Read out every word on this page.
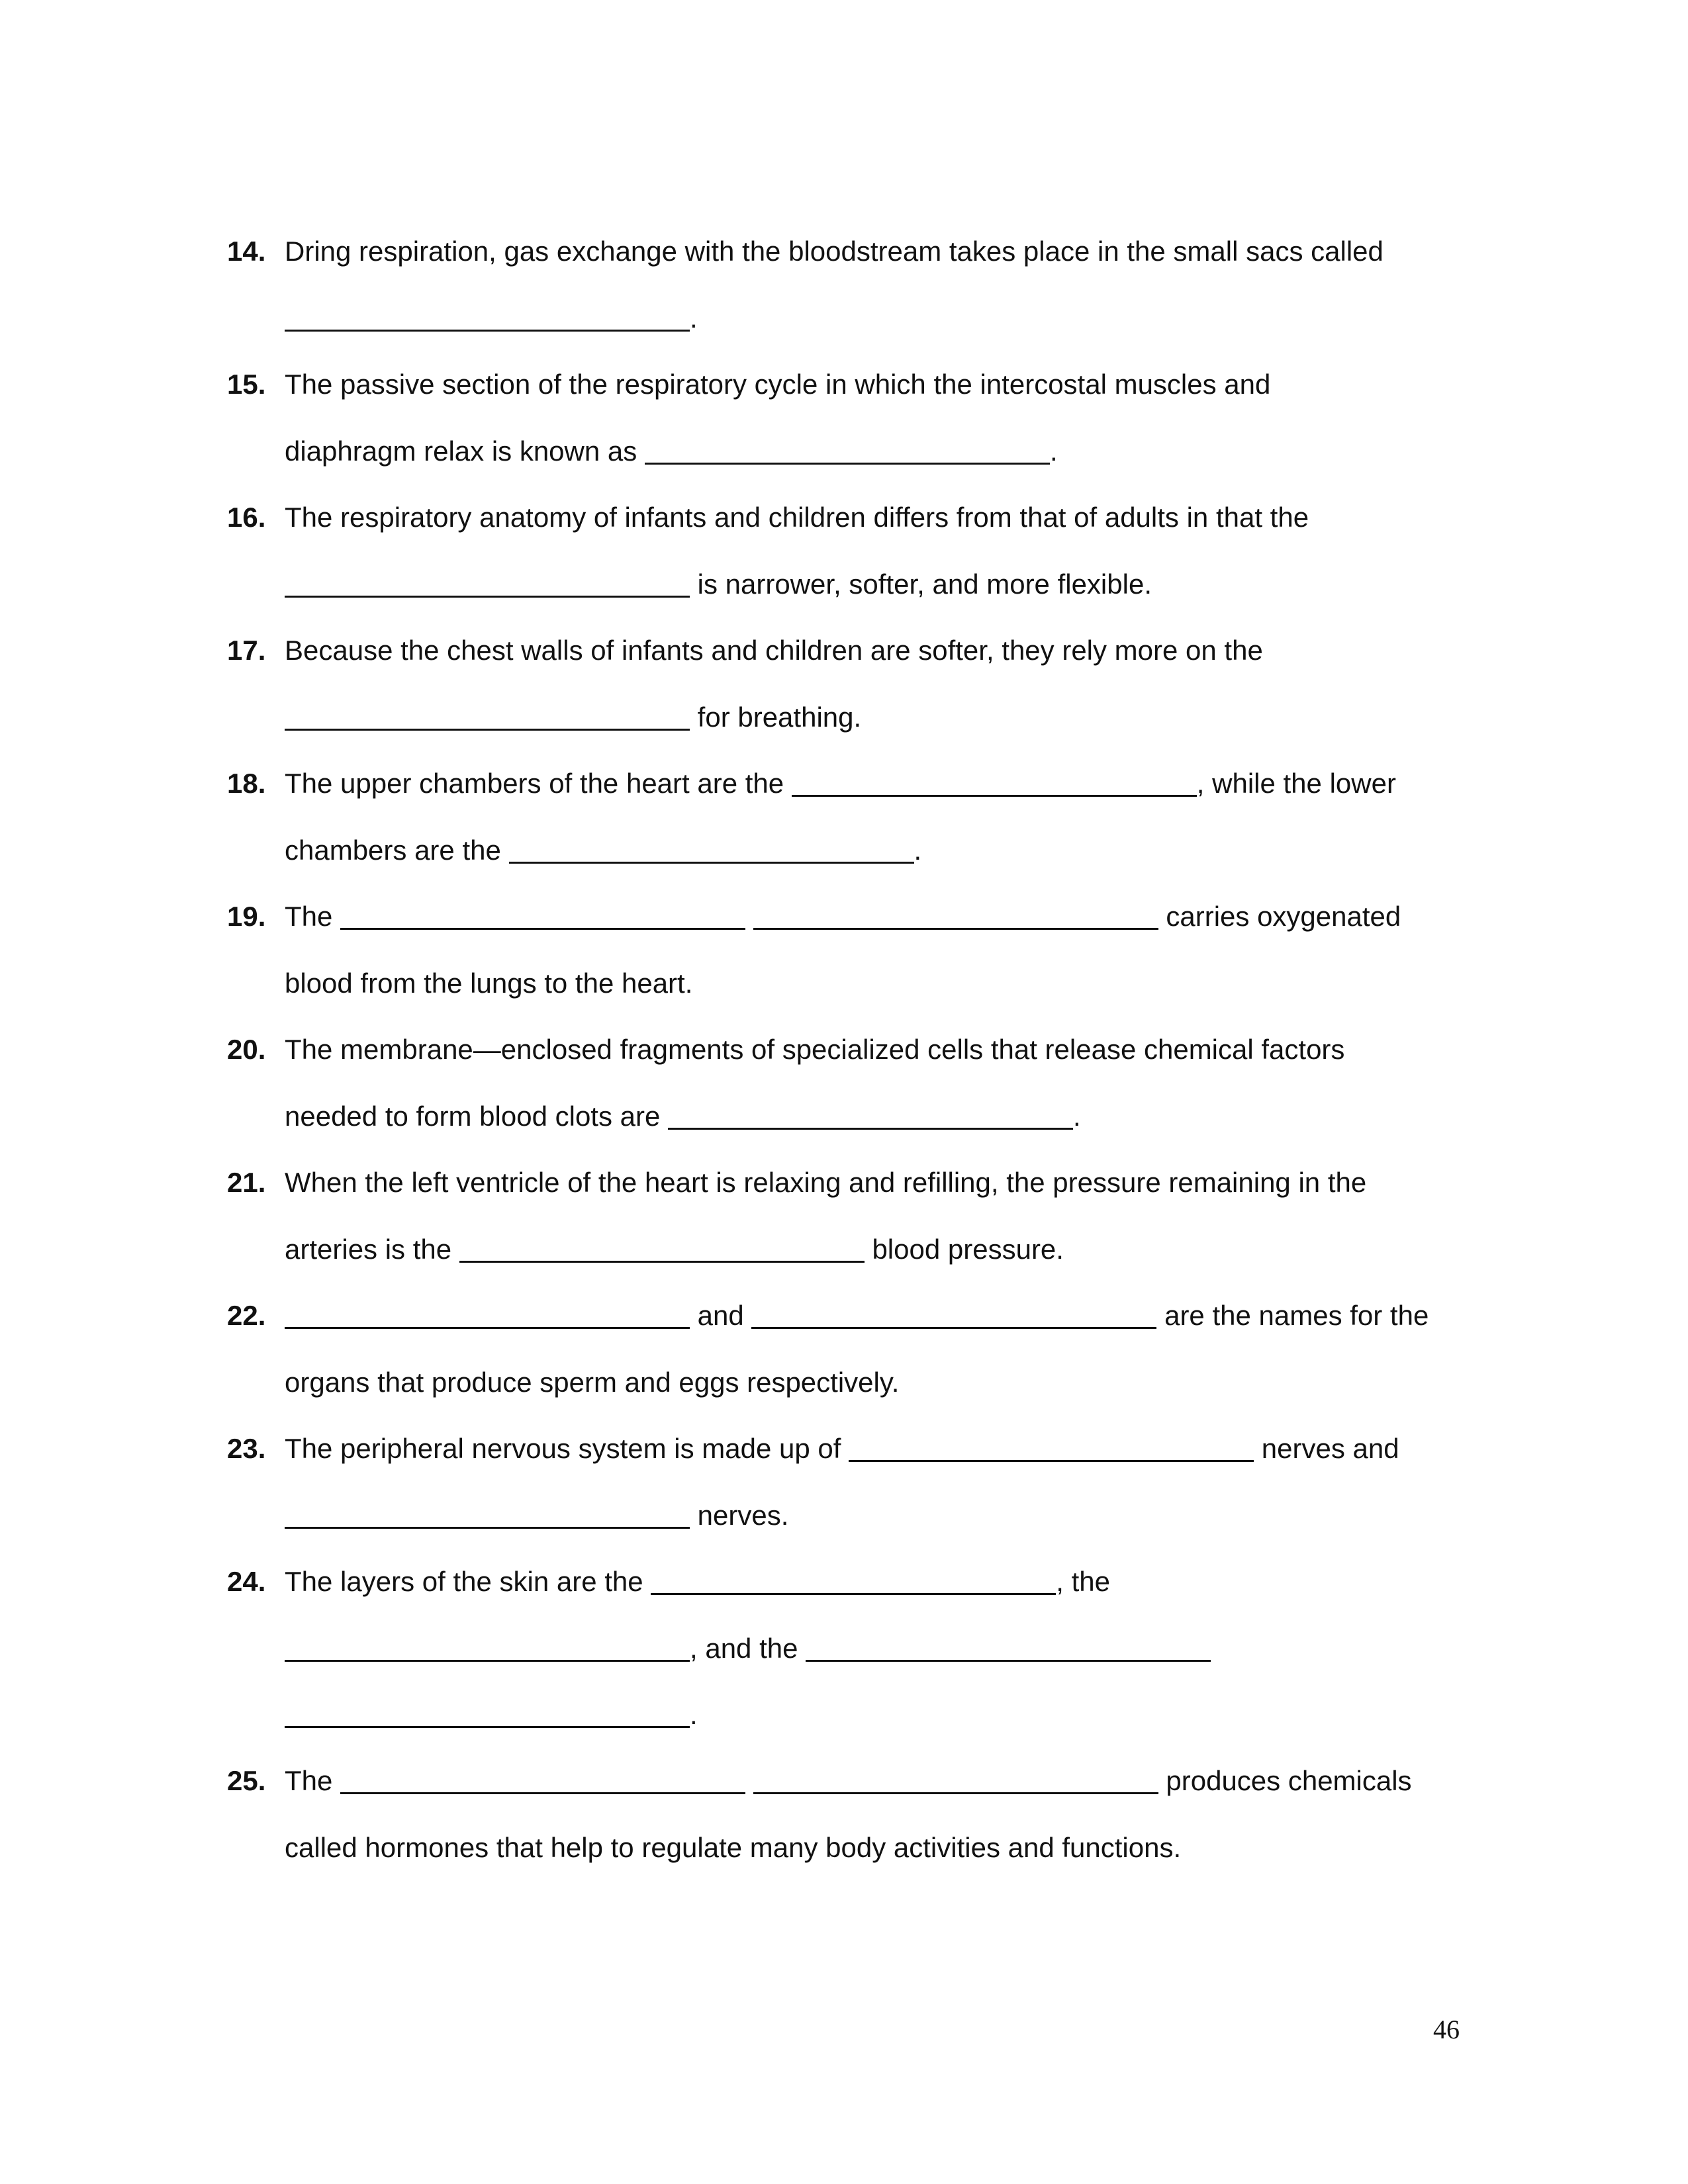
14. Dring respiration, gas exchange with the bloodstream takes place in the small sacs called
.
15. The passive section of the respiratory cycle in which the intercostal muscles and
diaphragm relax is known as	.
16. The respiratory anatomy of infants and children differs from that of adults in that the
is narrower, softer, and more flexible.
17. Because the chest walls of infants and children are softer, they rely more on the
for breathing.
18. The upper chambers of the heart are the	, while the lower
chambers are the	.
19. The	carries oxygenated
blood from the lungs to the heart.
20. The membrane—enclosed fragments of specialized cells that release chemical factors
needed to form blood clots are	.
21. When the left ventricle of the heart is relaxing and refilling, the pressure remaining in the
arteries is the	blood pressure.
22.	and	are the names for the
organs that produce sperm and eggs respectively.
23. The peripheral nervous system is made up of	nerves and
nerves.
24. The layers of the skin are the	, the
, and the
.
25. The	produces chemicals
called hormones that help to regulate many body activities and functions.
46
